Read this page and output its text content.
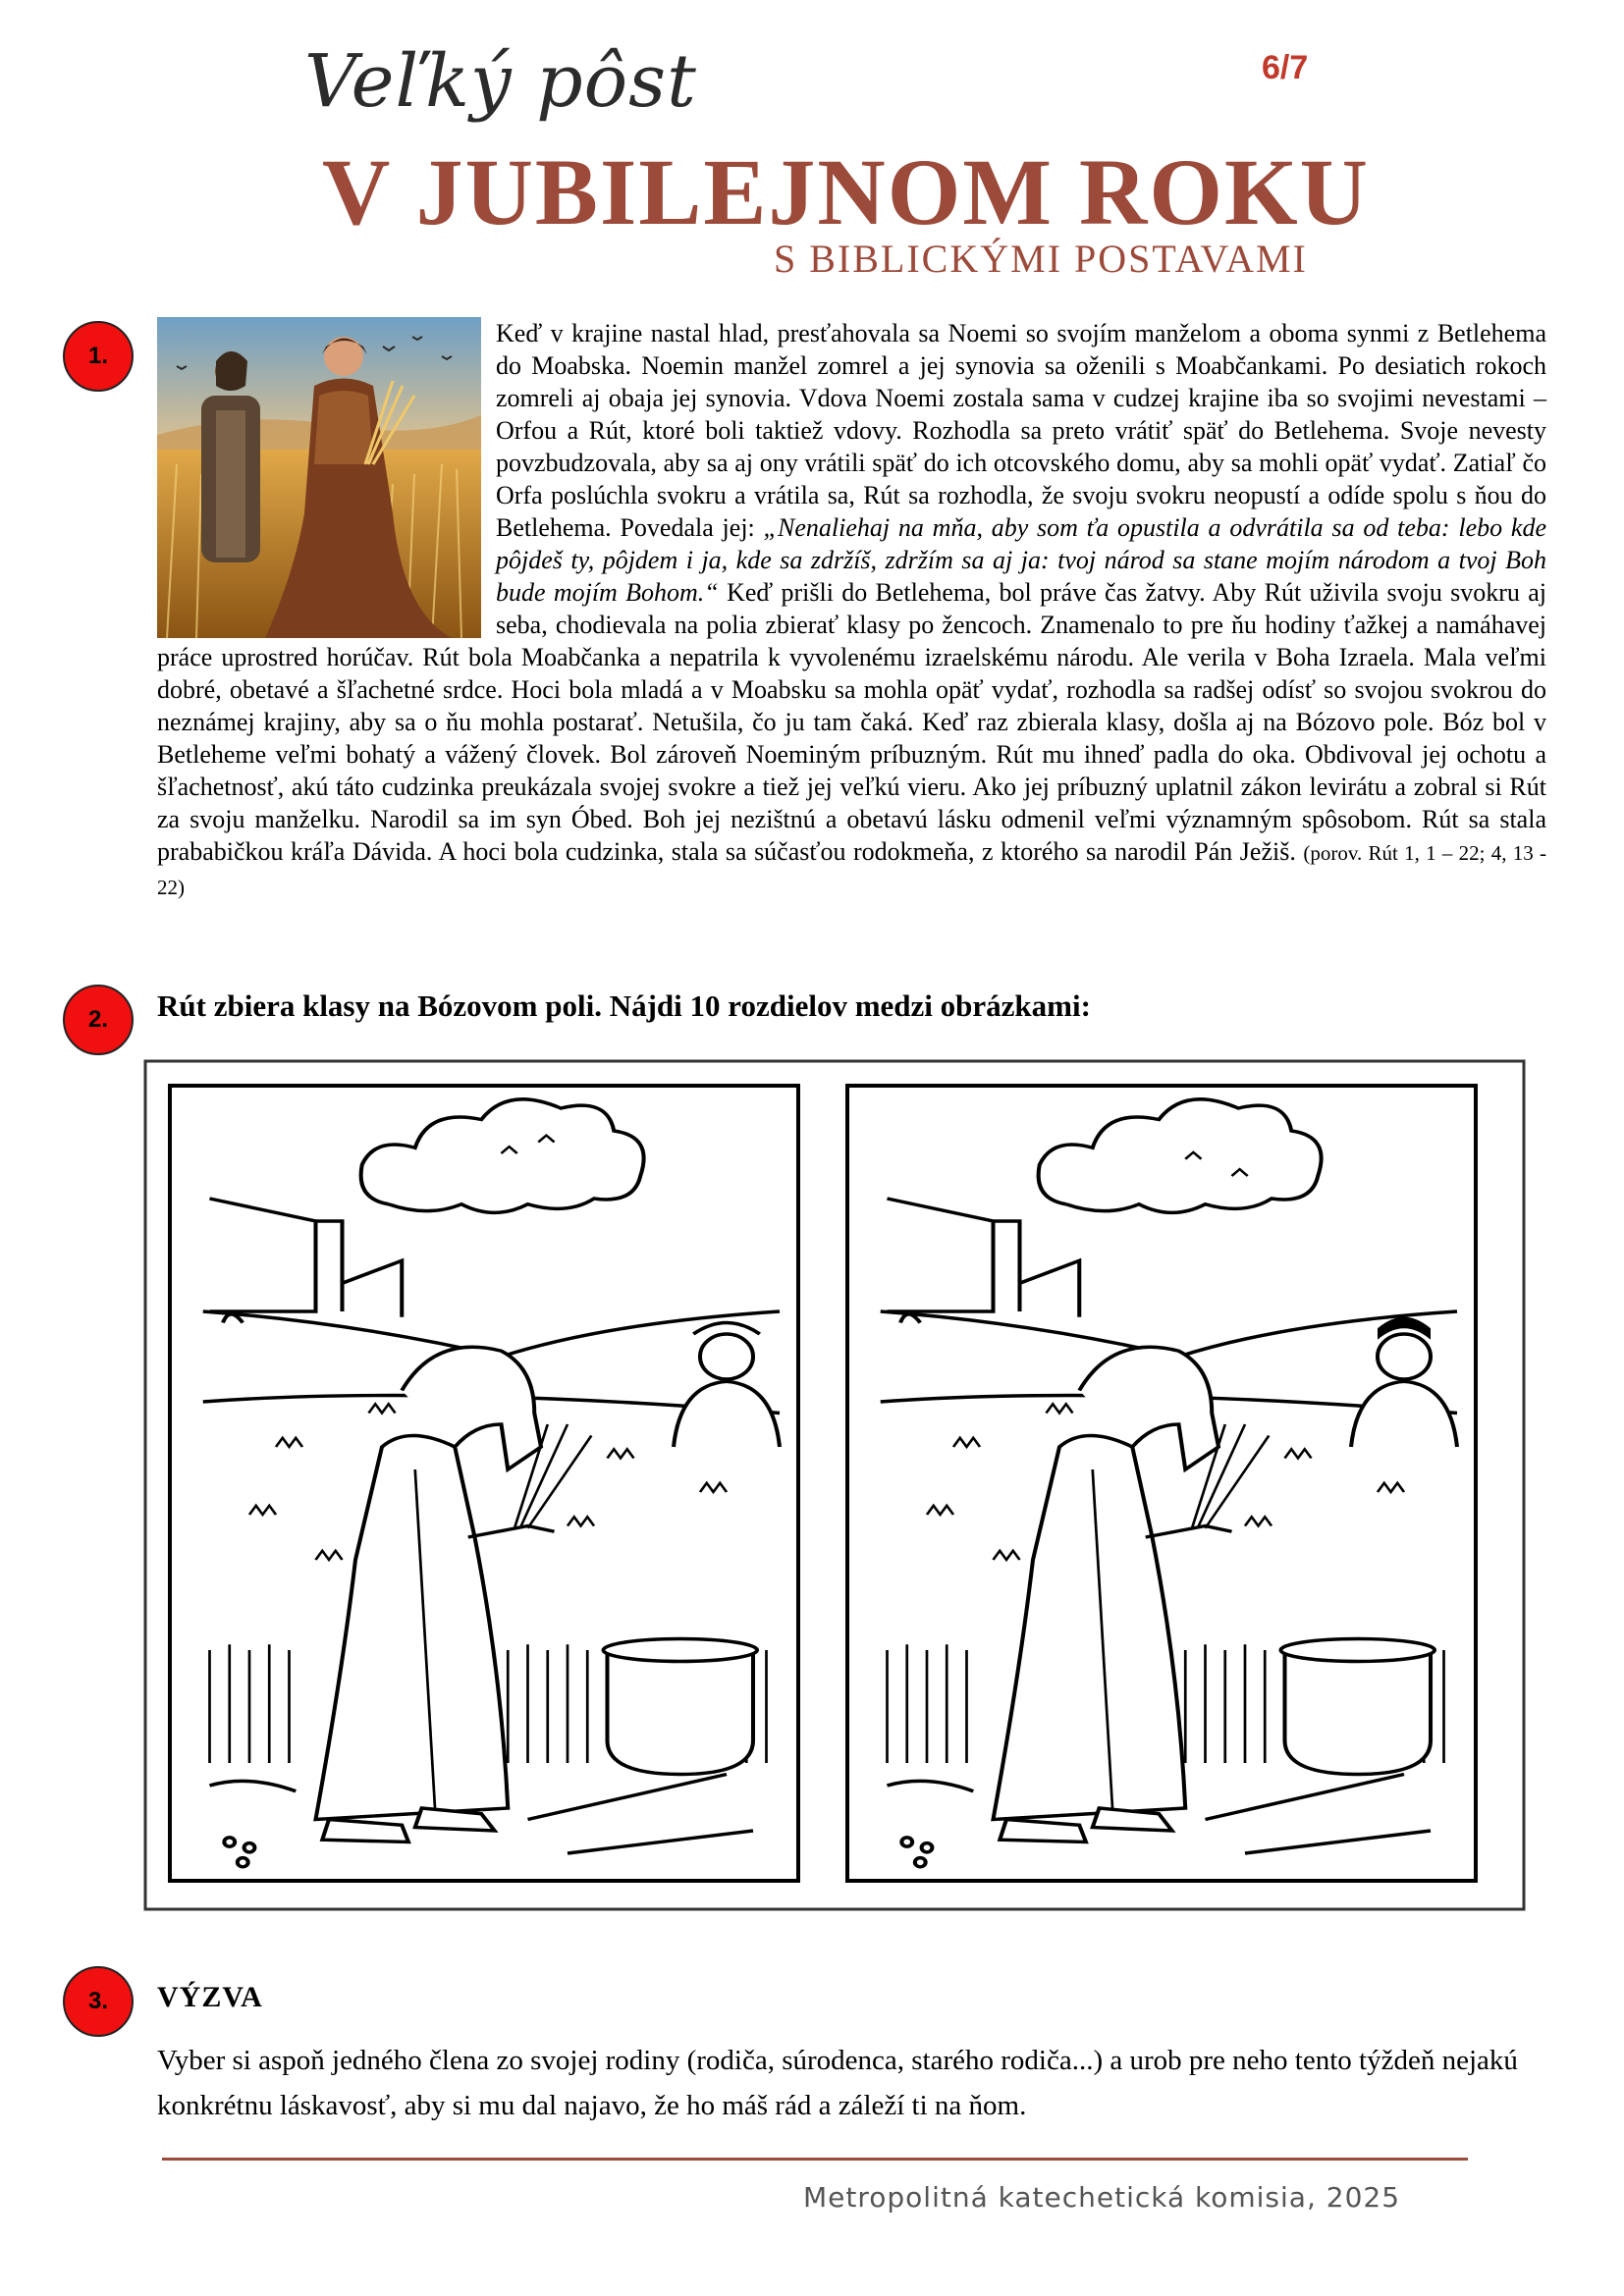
Veľký pôst	6/7
V JUBILEJNOM ROKU
S BIBLICKÝMI POSTAVAMI
1.
Keď v krajine nastal hlad, presťahovala sa Noemi so svojím manželom a oboma synmi z Betlehema do Moabska. Noemin manžel zomrel a jej synovia sa oženili s Moabčankami. Po desiatich rokoch zomreli aj obaja jej synovia. Vdova Noemi zostala sama v cudzej krajine iba so svojimi nevestami – Orfou a Rút, ktoré boli taktiež vdovy. Rozhodla sa preto vrátiť späť do Betlehema. Svoje nevesty povzbudzovala, aby sa aj ony vrátili späť do ich otcovského domu, aby sa mohli opäť vydať. Zatiaľ čo Orfa poslúchla svokru a vrátila sa, Rút sa rozhodla, že svoju svokru neopustí a odíde spolu s ňou do Betlehema. Povedala jej: „Nenaliehaj na mňa, aby som ťa opustila a odvrátila sa od teba: lebo kde pôjdeš ty, pôjdem i ja, kde sa zdržíš, zdržím sa aj ja: tvoj národ sa stane mojím národom a tvoj Boh bude mojím Bohom.“ Keď prišli do Betlehema, bol práve čas žatvy. Aby Rút uživila svoju svokru aj seba, chodievala na polia zbierať klasy po žencoch. Znamenalo to pre ňu hodiny ťažkej a namáhavej práce uprostred horúčav. Rút bola Moabčanka a nepatrila k vyvolenému izraelskému národu. Ale verila v Boha Izraela. Mala veľmi dobré, obetavé a šľachetné srdce. Hoci bola mladá a v Moabsku sa mohla opäť vydať, rozhodla sa radšej odísť so svojou svokrou do neznámej krajiny, aby sa o ňu mohla postarať. Netušila, čo ju tam čaká. Keď raz zbierala klasy, došla aj na Bózovo pole. Bóz bol v Betleheme veľmi bohatý a vážený človek. Bol zároveň Noeminým príbuzným. Rút mu ihneď padla do oka. Obdivoval jej ochotu a šľachetnosť, akú táto cudzinka preukázala svojej svokre a tiež jej veľkú vieru. Ako jej príbuzný uplatnil zákon levirátu a zobral si Rút za svoju manželku. Narodil sa im syn Óbed. Boh jej nezištnú a obetavú lásku odmenil veľmi významným spôsobom. Rút sa stala prababičkou kráľa Dávida. A hoci bola cudzinka, stala sa súčasťou rodokmeňa, z ktorého sa narodil Pán Ježiš. (porov. Rút 1, 1 – 22; 4, 13 - 22)
2.	Rút zbiera klasy na Bózovom poli. Nájdi 10 rozdielov medzi obrázkami:
3.	VÝZVA
Vyber si aspoň jedného člena zo svojej rodiny (rodiča, súrodenca, starého rodiča...) a urob pre neho tento týždeň nejakú konkrétnu láskavosť, aby si mu dal najavo, že ho máš rád a záleží ti na ňom.
Metropolitná katechetická komisia, 2025
